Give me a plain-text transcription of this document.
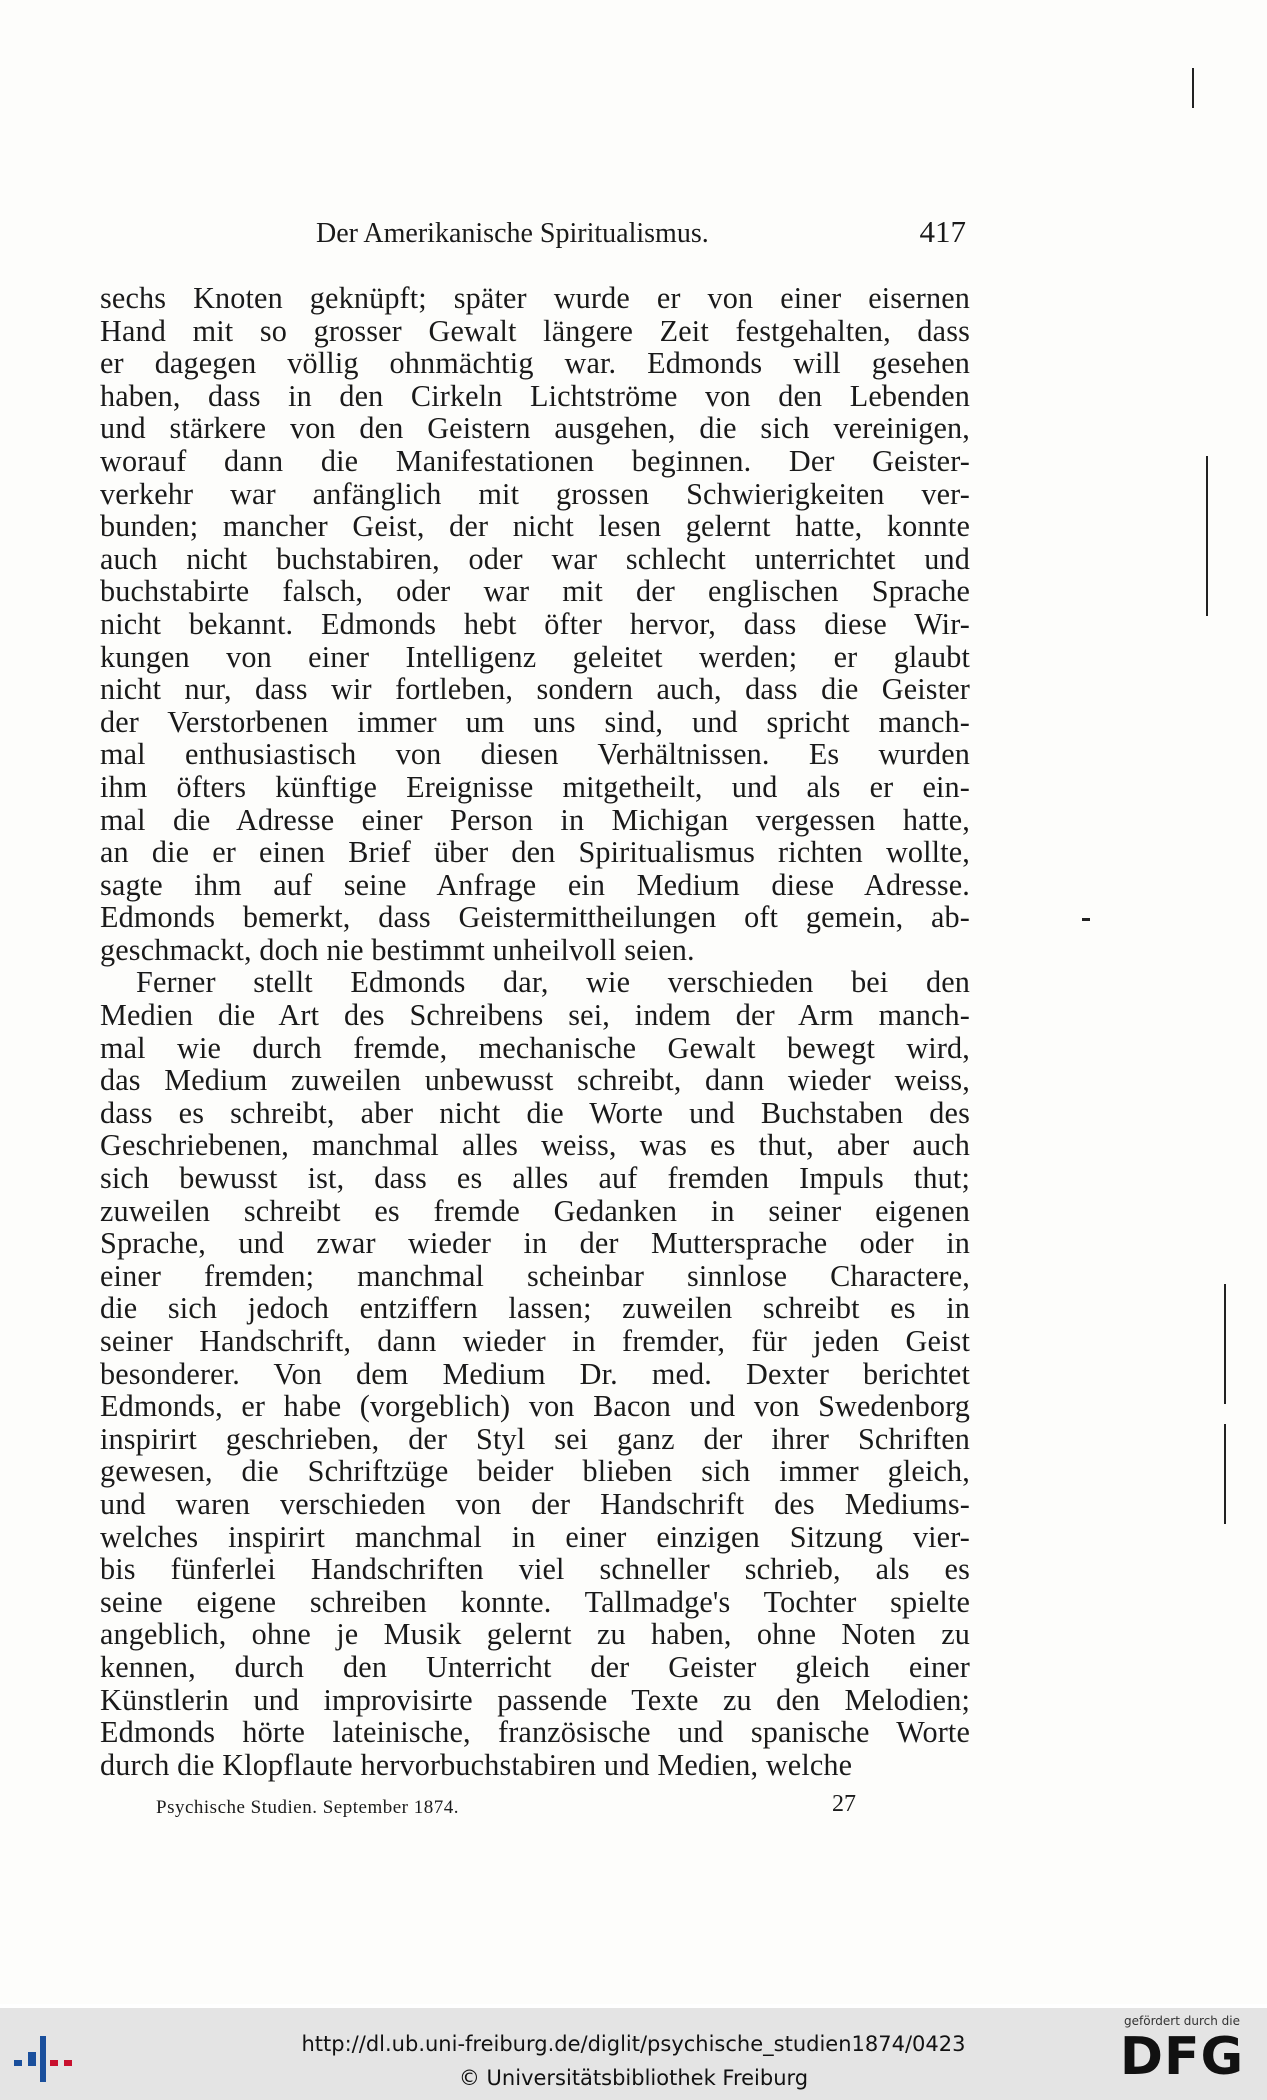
Der Amerikanische Spiritualismus.	417
sechs Knoten geknüpft; später wurde er von einer eisernen
Hand mit so grosser Gewalt längere Zeit festgehalten, dass
er dagegen völlig ohnmächtig war. Edmonds will gesehen
haben, dass in den Cirkeln Lichtströme von den Lebenden
und stärkere von den Geistern ausgehen, die sich vereinigen,
worauf dann die Manifestationen beginnen. Der Geister-
verkehr war anfänglich mit grossen Schwierigkeiten ver-
bunden; mancher Geist, der nicht lesen gelernt hatte, konnte
auch nicht buchstabiren, oder war schlecht unterrichtet und
buchstabirte falsch, oder war mit der englischen Sprache
nicht bekannt. Edmonds hebt öfter hervor, dass diese Wir-
kungen von einer Intelligenz geleitet werden; er glaubt
nicht nur, dass wir fortleben, sondern auch, dass die Geister
der Verstorbenen immer um uns sind, und spricht manch-
mal enthusiastisch von diesen Verhältnissen. Es wurden
ihm öfters künftige Ereignisse mitgetheilt, und als er ein-
mal die Adresse einer Person in Michigan vergessen hatte,
an die er einen Brief über den Spiritualismus richten wollte,
sagte ihm auf seine Anfrage ein Medium diese Adresse.
Edmonds bemerkt, dass Geistermittheilungen oft gemein, ab-
geschmackt, doch nie bestimmt unheilvoll seien.
Ferner stellt Edmonds dar, wie verschieden bei den
Medien die Art des Schreibens sei, indem der Arm manch-
mal wie durch fremde, mechanische Gewalt bewegt wird,
das Medium zuweilen unbewusst schreibt, dann wieder weiss,
dass es schreibt, aber nicht die Worte und Buchstaben des
Geschriebenen, manchmal alles weiss, was es thut, aber auch
sich bewusst ist, dass es alles auf fremden Impuls thut;
zuweilen schreibt es fremde Gedanken in seiner eigenen
Sprache, und zwar wieder in der Muttersprache oder in
einer fremden; manchmal scheinbar sinnlose Charactere,
die sich jedoch entziffern lassen; zuweilen schreibt es in
seiner Handschrift, dann wieder in fremder, für jeden Geist
besonderer. Von dem Medium Dr. med. Dexter berichtet
Edmonds, er habe (vorgeblich) von Bacon und von Swedenborg
inspirirt geschrieben, der Styl sei ganz der ihrer Schriften
gewesen, die Schriftzüge beider blieben sich immer gleich,
und waren verschieden von der Handschrift des Mediums-
welches inspirirt manchmal in einer einzigen Sitzung vier-
bis fünferlei Handschriften viel schneller schrieb, als es
seine eigene schreiben konnte. Tallmadge's Tochter spielte
angeblich, ohne je Musik gelernt zu haben, ohne Noten zu
kennen, durch den Unterricht der Geister gleich einer
Künstlerin und improvisirte passende Texte zu den Melodien;
Edmonds hörte lateinische, französische und spanische Worte
durch die Klopflaute hervorbuchstabiren und Medien, welche
Psychische Studien. September 1874.	27
http://dl.ub.uni-freiburg.de/diglit/psychische_studien1874/0423
© Universitätsbibliothek Freiburg
gefördert durch die
DFG
